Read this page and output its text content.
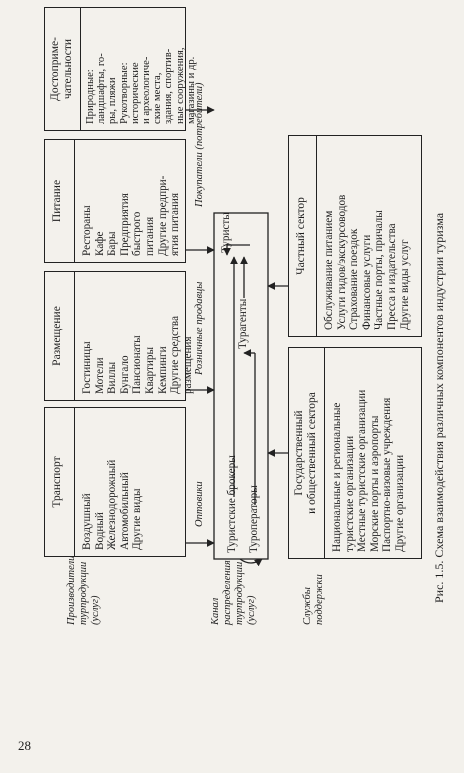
28
Производители турпродукции (услуг)	Канал распределения турпродукции (услуг)	Службы поддержки
Транспорт
Воздушный Водный Железнодорожный Автомобильный Другие виды
Размещение
Гостиницы Мотели Виллы Бунгало Пансионаты Квартиры Кемпинги Другие средства размещения
Питание
Рестораны Кафе Бары Предприятия быстрого питания Другие предпри- ятия питания
Достоприме- чательности Природные: ландшафты, го- ры, пляжи Рукотворные: исторические и археологиче- ские места, здания, спортив- ные сооружения, магазины и др.
Оптовики
Розничные продавцы
Покупатели (потребители)
Туристские брокеры Туроператоры
Турагенты
Туристы
Государственный и общественный сектора Национальные и региональные туристские организации Местные туристские организации Морские порты и аэропорты Паспортно-визовые учреждения Другие организации
Частный сектор Обслуживание питанием Услуги гидов/экскурсоводов Страхование поездок Финансовые услуги Частные порты, причалы Пресса и издательства Другие виды услуг Рис. 1.5. Схема взаимодействия различных компонентов индустрии туризма
